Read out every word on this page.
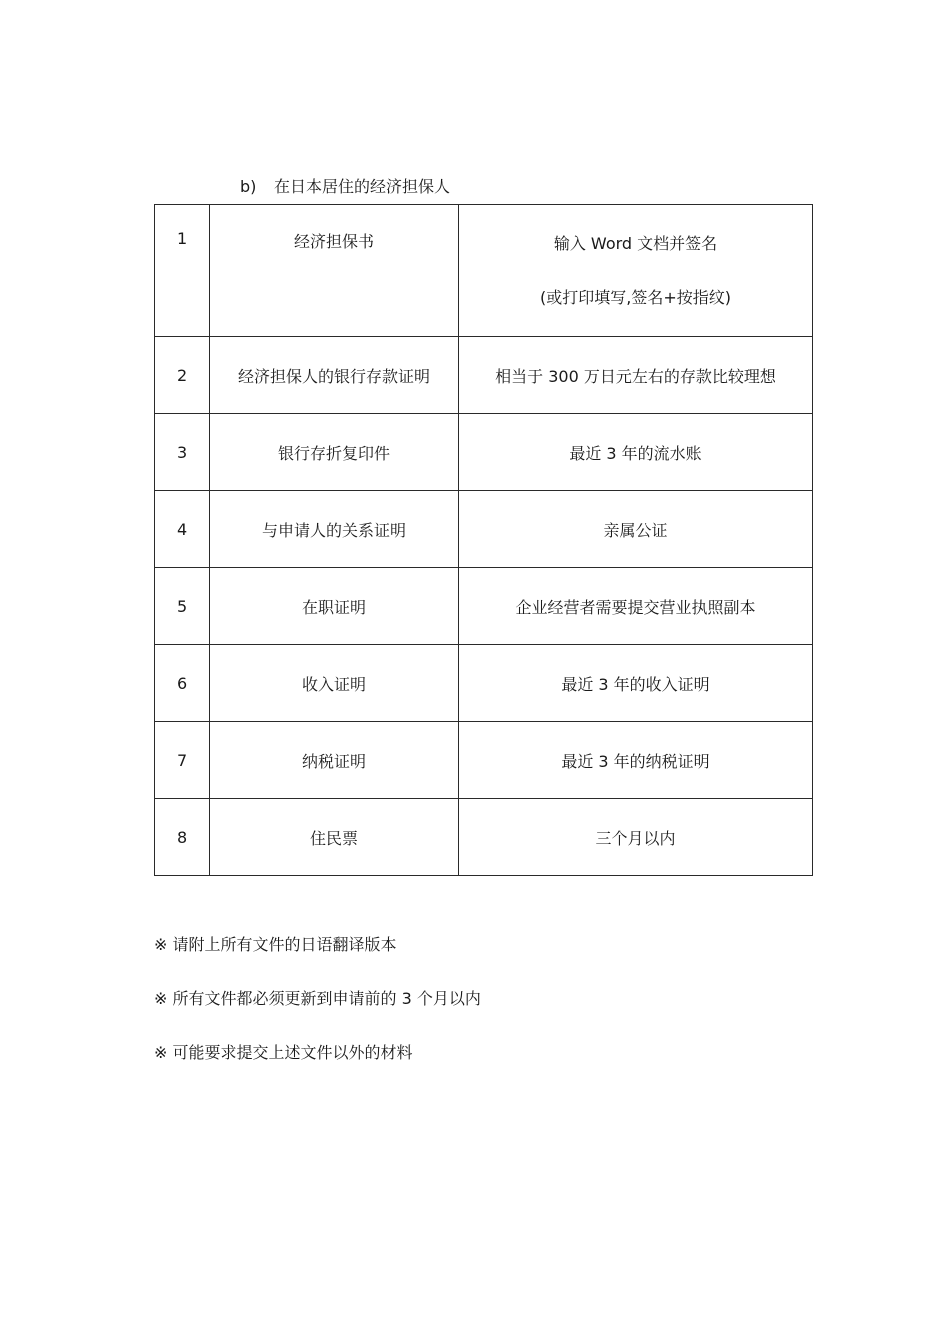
b) 在日本居住的经济担保人
1	经济担保书	输入 Word 文档并签名
(或打印填写,签名+按指纹)

2	经济担保人的银行存款证明	相当于 300 万日元左右的存款比较理想
3	银行存折复印件	最近 3 年的流水账
4	与申请人的关系证明	亲属公证
5	在职证明	企业经营者需要提交营业执照副本
6	收入证明	最近 3 年的收入证明
7	纳税证明	最近 3 年的纳税证明
8	住民票	三个月以内
※ 请附上所有文件的日语翻译版本
※ 所有文件都必须更新到申请前的 3 个月以内
※ 可能要求提交上述文件以外的材料
